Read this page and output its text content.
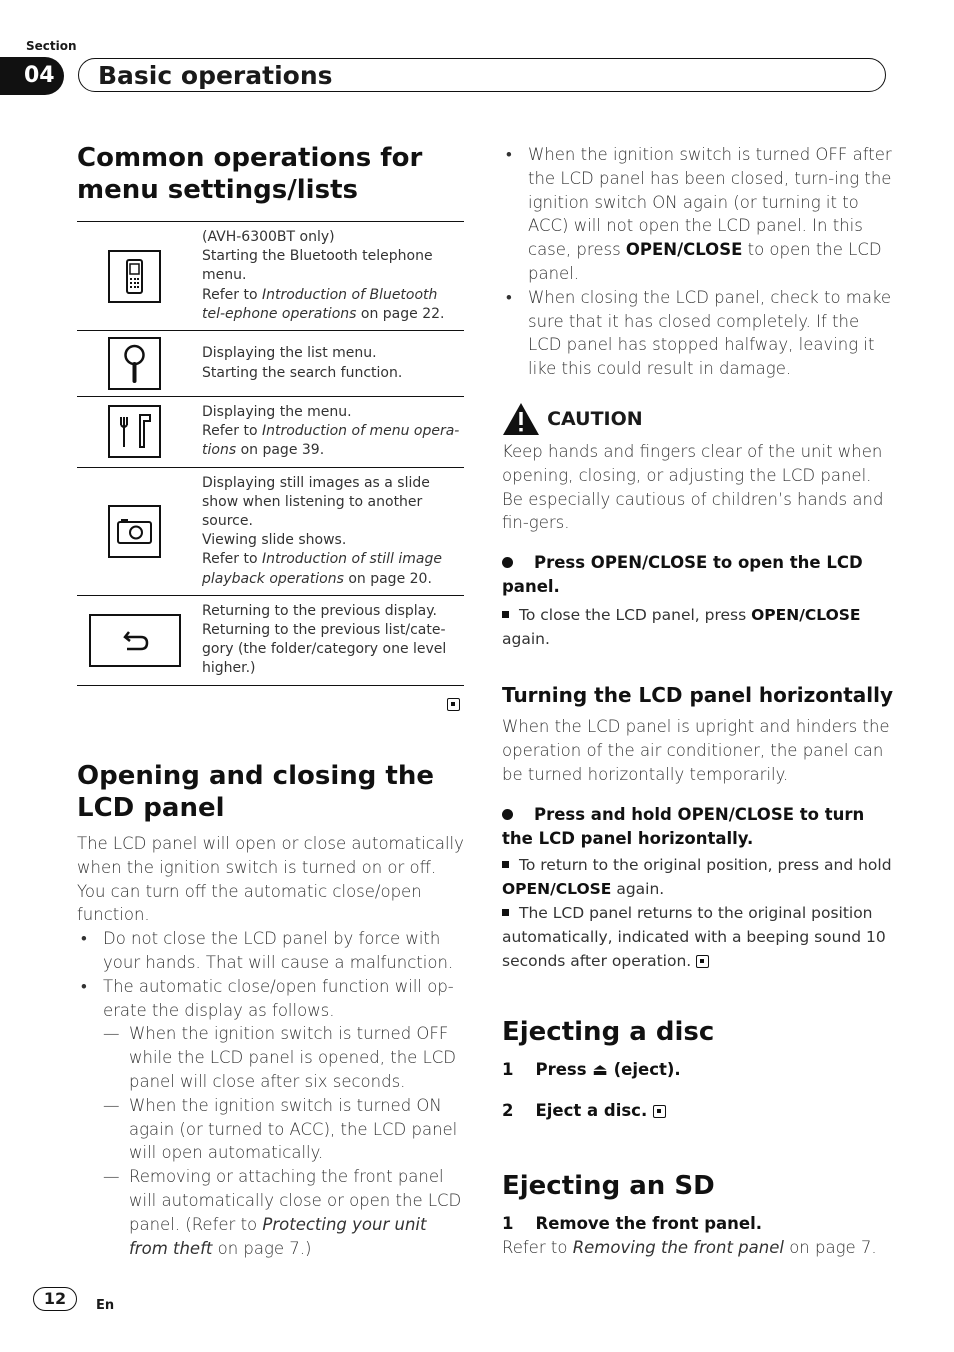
Section
04	Basic operations
Common operations for
menu settings/lists

(AVH-6300BT only)
Starting the Bluetooth telephone menu.
Refer to Introduction of Bluetooth tel-ephone operations on page 22.

Displaying the list menu.
Starting the search function.

Displaying the menu.
Refer to Introduction of menu opera-tions on page 39.

Displaying still images as a slide show when listening to another source.
Viewing slide shows.
Refer to Introduction of still image playback operations on page 20.

Returning to the previous display.
Returning to the previous list/cate-gory (the folder/category one level higher.)
Opening and closing the
LCD panel
The LCD panel will open or close automatically when the ignition switch is turned on or off. You can turn off the automatic close/open function.
• Do not close the LCD panel by force with your hands. That will cause a malfunction.
• The automatic close/open function will op-erate the display as follows.
— When the ignition switch is turned OFF while the LCD panel is opened, the LCD panel will close after six seconds.
— When the ignition switch is turned ON again (or turned to ACC), the LCD panel will open automatically.
— Removing or attaching the front panel will automatically close or open the LCD panel. (Refer to Protecting your unit from theft on page 7.)
• When the ignition switch is turned OFF after the LCD panel has been closed, turn-ing the ignition switch ON again (or turning it to ACC) will not open the LCD panel. In this case, press OPEN/CLOSE to open the LCD panel.
• When closing the LCD panel, check to make sure that it has closed completely. If the LCD panel has stopped halfway, leaving it like this could result in damage.
CAUTION
Keep hands and fingers clear of the unit when opening, closing, or adjusting the LCD panel. Be especially cautious of children’s hands and fin-gers.
Press OPEN/CLOSE to open the LCD panel.
To close the LCD panel, press OPEN/CLOSE again.
Turning the LCD panel horizontally
When the LCD panel is upright and hinders the operation of the air conditioner, the panel can be turned horizontally temporarily.
Press and hold OPEN/CLOSE to turn the LCD panel horizontally.
To return to the original position, press and hold OPEN/CLOSE again.
The LCD panel returns to the original position automatically, indicated with a beeping sound 10 seconds after operation.
Ejecting a disc
1 Press ⏏ (eject).
2 Eject a disc.
Ejecting an SD
1 Remove the front panel.
Refer to Removing the front panel on page 7.
12	En
